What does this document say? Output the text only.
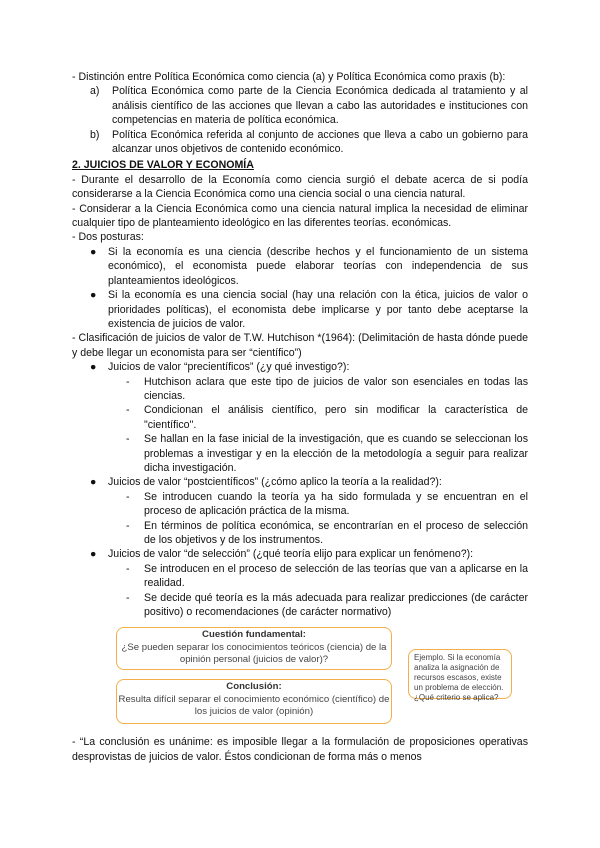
- Distinción entre Política Económica como ciencia (a) y Política Económica como praxis (b):

a)	Política Económica como parte de la Ciencia Económica dedicada al tratamiento y al análisis científico de las acciones que llevan a cabo las autoridades e instituciones con competencias en materia de política económica.
b)	Política Económica referida al conjunto de acciones que lleva a cabo un gobierno para alcanzar unos objetivos de contenido económico.

2. JUICIOS DE VALOR Y ECONOMÍA

- Durante el desarrollo de la Economía como ciencia surgió el debate acerca de si podía considerarse a la Ciencia Económica como una ciencia social o una ciencia natural.

- Considerar a la Ciencia Económica como una ciencia natural implica la necesidad de eliminar cualquier tipo de planteamiento ideológico en las diferentes teorías. económicas.

- Dos posturas:

●	Si la economía es una ciencia (describe hechos y el funcionamiento de un sistema económico), el economista puede elaborar teorías con independencia de sus planteamientos ideológicos.
●	Si la economía es una ciencia social (hay una relación con la ética, juicios de valor o prioridades políticas), el economista debe implicarse y por tanto debe aceptarse la existencia de juicios de valor.

- Clasificación de juicios de valor de T.W. Hutchison *(1964): (Delimitación de hasta dónde puede y debe llegar un economista para ser “científico”)

●	Juicios de valor “precientíficos” (¿y qué investigo?):
-	Hutchison aclara que este tipo de juicios de valor son esenciales en todas las ciencias.
-	Condicionan el análisis científico, pero sin modificar la característica de "científico".
-	Se hallan en la fase inicial de la investigación, que es cuando se seleccionan los problemas a investigar y en la elección de la metodología a seguir para realizar dicha investigación.
●	Juicios de valor “postcientíficos” (¿cómo aplico la teoría a la realidad?):
-	Se introducen cuando la teoría ya ha sido formulada y se encuentran en el proceso de aplicación práctica de la misma.
-	En términos de política económica, se encontrarían en el proceso de selección de los objetivos y de los instrumentos.
●	Juicios de valor “de selección” (¿qué teoría elijo para explicar un fenómeno?):
-	Se introducen en el proceso de selección de las teorías que van a aplicarse en la realidad.
-	Se decide qué teoría es la más adecuada para realizar predicciones (de carácter positivo) o recomendaciones (de carácter normativo)
Cuestión fundamental:
¿Se pueden separar los conocimientos teóricos (ciencia) de la opinión personal (juicios de valor)?
Conclusión:
Resulta difícil separar el conocimiento económico (científico) de los juicios de valor (opinión)
Ejemplo. Si la economía analiza la asignación de recursos escasos, existe un problema de elección. ¿Qué criterio se aplica?

- “La conclusión es unánime: es imposible llegar a la formulación de proposiciones operativas desprovistas de juicios de valor. Éstos condicionan de forma más o menos
